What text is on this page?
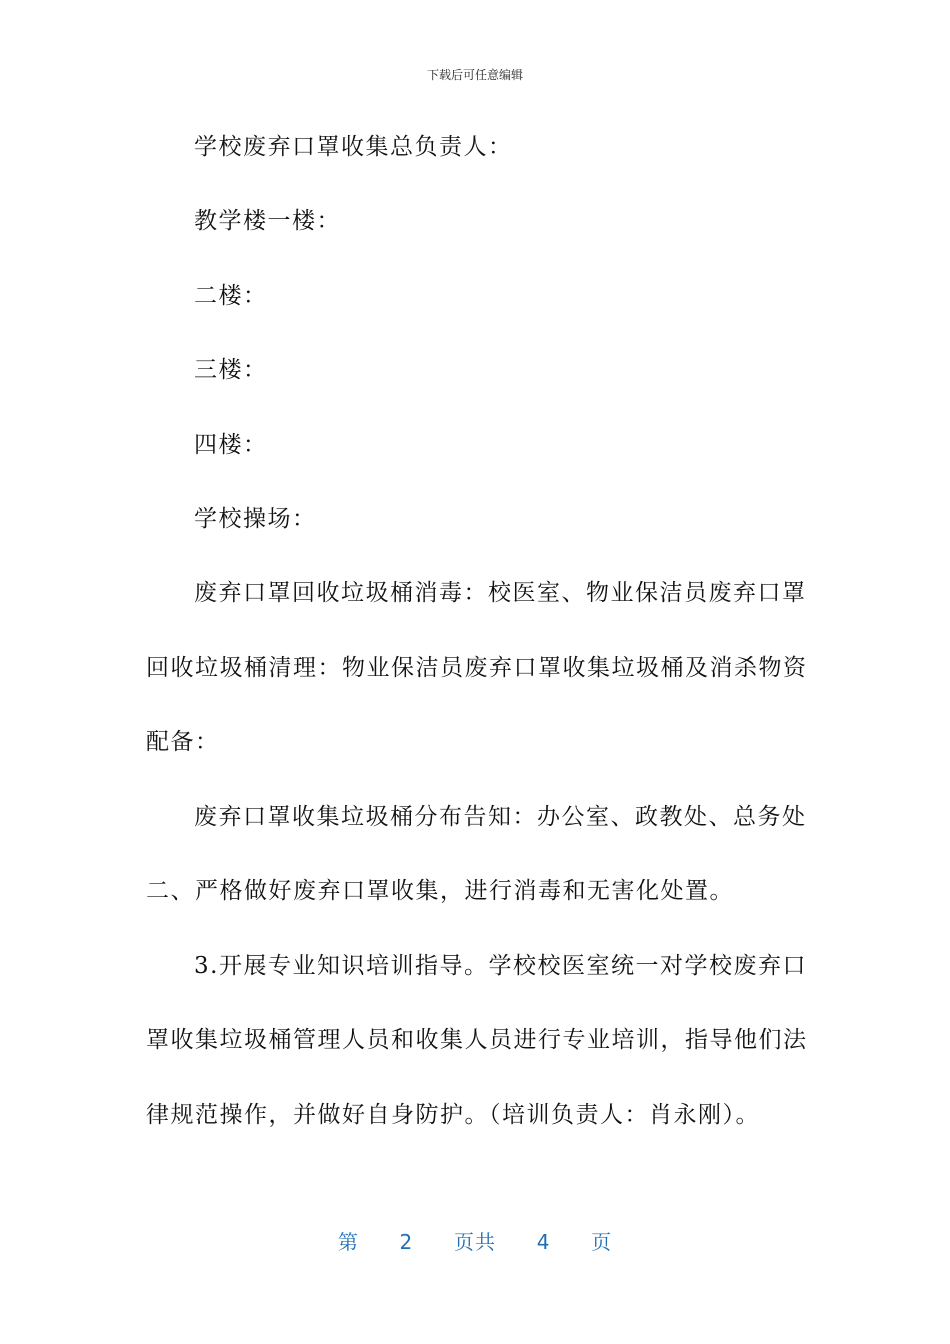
下载后可任意编辑
学校废弃口罩收集总负责人：
教学楼一楼：
二楼：
三楼：
四楼：
学校操场：
废弃口罩回收垃圾桶消毒：校医室、物业保洁员废弃口罩
回收垃圾桶清理：物业保洁员废弃口罩收集垃圾桶及消杀物资
配备：
废弃口罩收集垃圾桶分布告知：办公室、政教处、总务处
二、严格做好废弃口罩收集，进行消毒和无害化处置。
3.开展专业知识培训指导。学校校医室统一对学校废弃口
罩收集垃圾桶管理人员和收集人员进行专业培训，指导他们法
律规范操作，并做好自身防护。（培训负责人：肖永刚）。
第 2 页共 4 页
